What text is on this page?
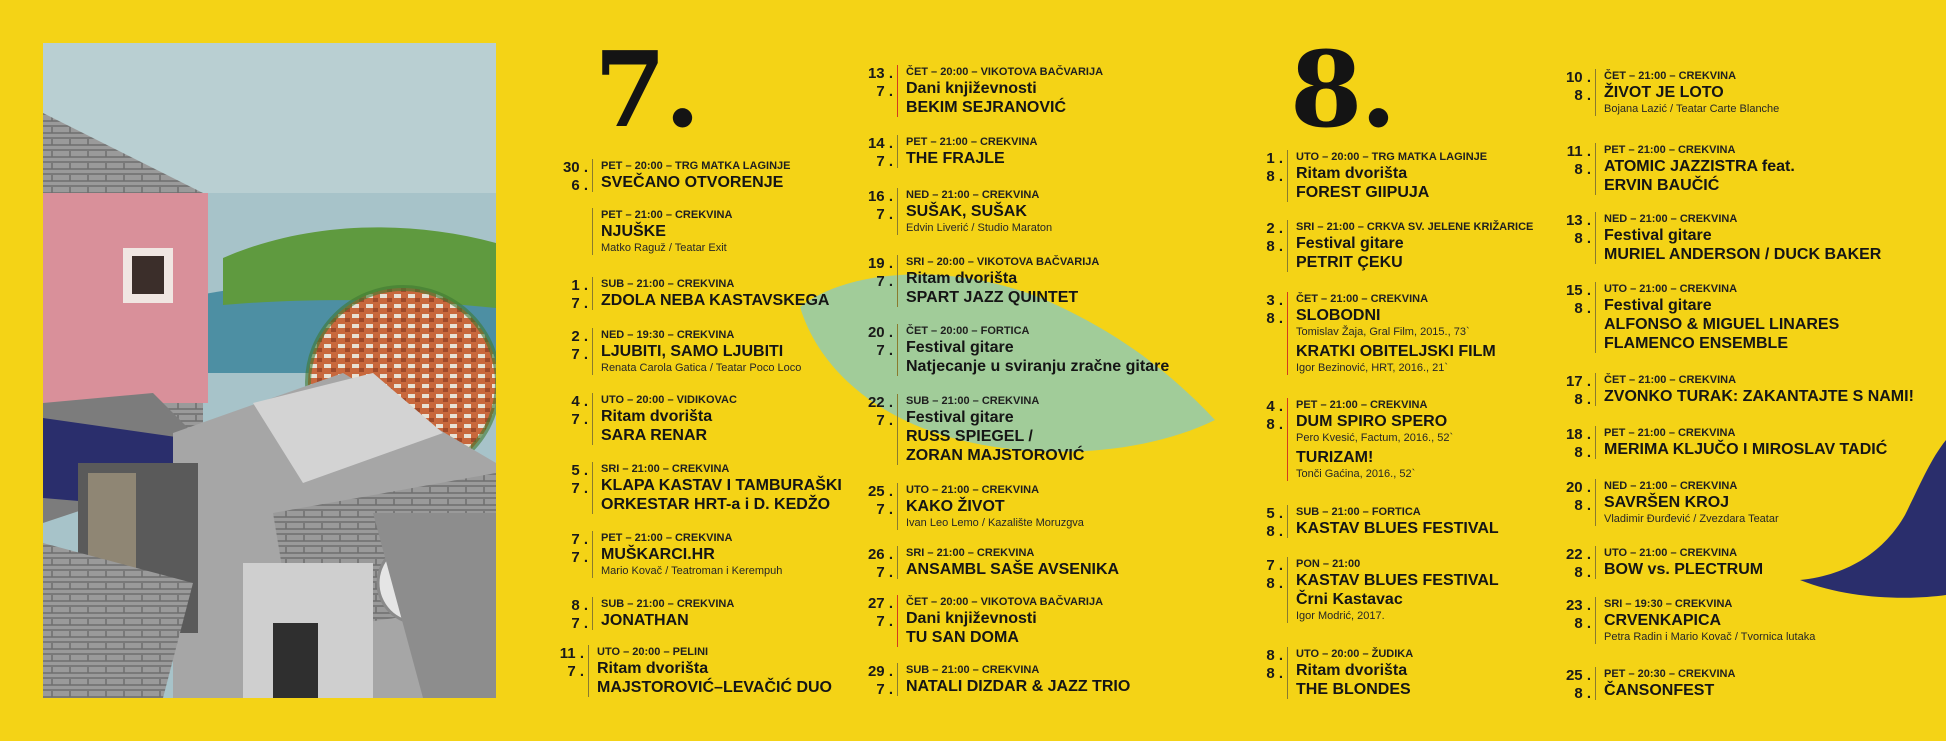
7.	8.
30 .
6 .
PET – 20:00 – TRG MATKA LAGINJE
SVEČANO OTVORENJE
PET – 21:00 – CREKVINA
NJUŠKE
Matko Raguž / Teatar Exit
1 .
7 .
SUB – 21:00 – CREKVINA
ZDOLA NEBA KASTAVSKEGA
2 .
7 .
NED – 19:30 – CREKVINA
LJUBITI, SAMO LJUBITI
Renata Carola Gatica / Teatar Poco Loco
4 .
7 .
UTO – 20:00 – VIDIKOVAC
Ritam dvorišta
SARA RENAR
5 .
7 .
SRI – 21:00 – CREKVINA
KLAPA KASTAV I TAMBURAŠKI
ORKESTAR HRT-a i D. KEDŽO
7 .
7 .
PET – 21:00 – CREKVINA
MUŠKARCI.HR
Mario Kovač / Teatroman i Kerempuh
8 .
7 .
SUB – 21:00 – CREKVINA
JONATHAN
11 .
7 .
UTO – 20:00 – PELINI
Ritam dvorišta
MAJSTOROVIĆ–LEVAČIĆ DUO
13 .
7 .
ČET – 20:00 – VIKOTOVA BAČVARIJA
Dani književnosti
BEKIM SEJRANOVIĆ
14 .
7 .
PET – 21:00 – CREKVINA
THE FRAJLE
16 .
7 .
NED – 21:00 – CREKVINA
SUŠAK, SUŠAK
Edvin Liverić / Studio Maraton
19 .
7 .
SRI – 20:00 – VIKOTOVA BAČVARIJA
Ritam dvorišta
SPART JAZZ QUINTET
20 .
7 .
ČET – 20:00 – FORTICA
Festival gitare
Natjecanje u sviranju zračne gitare
22 .
7 .
SUB – 21:00 – CREKVINA
Festival gitare
RUSS SPIEGEL /
ZORAN MAJSTOROVIĆ
25 .
7 .
UTO – 21:00 – CREKVINA
KAKO ŽIVOT
Ivan Leo Lemo / Kazalište Moruzgva
26 .
7 .
SRI – 21:00 – CREKVINA
ANSAMBL SAŠE AVSENIKA
27 .
7 .
ČET – 20:00 – VIKOTOVA BAČVARIJA
Dani književnosti
TU SAN DOMA
29 .
7 .
SUB – 21:00 – CREKVINA
NATALI DIZDAR & JAZZ TRIO
1 .
8 .
UTO – 20:00 – TRG MATKA LAGINJE
Ritam dvorišta
FOREST GIIPUJA
2 .
8 .
SRI – 21:00 – CRKVA SV. JELENE KRIŽARICE
Festival gitare
PETRIT ÇEKU
3 .
8 .
ČET – 21:00 – CREKVINA
SLOBODNI
Tomislav Žaja, Gral Film, 2015., 73`
KRATKI OBITELJSKI FILM
Igor Bezinović, HRT, 2016., 21`
4 .
8 .
PET – 21:00 – CREKVINA
DUM SPIRO SPERO
Pero Kvesić, Factum, 2016., 52`
TURIZAM!
Tonči Gaćina, 2016., 52`
5 .
8 .
SUB – 21:00 – FORTICA
KASTAV BLUES FESTIVAL
7 .
8 .
PON – 21:00
KASTAV BLUES FESTIVAL
Črni Kastavac
Igor Modrić, 2017.
8 .
8 .
UTO – 20:00 – ŽUDIKA
Ritam dvorišta
THE BLONDES
10 .
8 .
ČET – 21:00 – CREKVINA
ŽIVOT JE LOTO
Bojana Lazić / Teatar Carte Blanche
11 .
8 .
PET – 21:00 – CREKVINA
ATOMIC JAZZISTRA feat.
ERVIN BAUČIĆ
13 .
8 .
NED – 21:00 – CREKVINA
Festival gitare
MURIEL ANDERSON / DUCK BAKER
15 .
8 .
UTO – 21:00 – CREKVINA
Festival gitare
ALFONSO & MIGUEL LINARES
FLAMENCO ENSEMBLE
17 .
8 .
ČET – 21:00 – CREKVINA
ZVONKO TURAK: ZAKANTAJTE S NAMI!
18 .
8 .
PET – 21:00 – CREKVINA
MERIMA KLJUČO I MIROSLAV TADIĆ
20 .
8 .
NED – 21:00 – CREKVINA
SAVRŠEN KROJ
Vladimir Đurđević / Zvezdara Teatar
22 .
8 .
UTO – 21:00 – CREKVINA
BOW vs. PLECTRUM
23 .
8 .
SRI – 19:30 – CREKVINA
CRVENKAPICA
Petra Radin i Mario Kovač / Tvornica lutaka
25 .
8 .
PET – 20:30 – CREKVINA
ČANSONFEST
